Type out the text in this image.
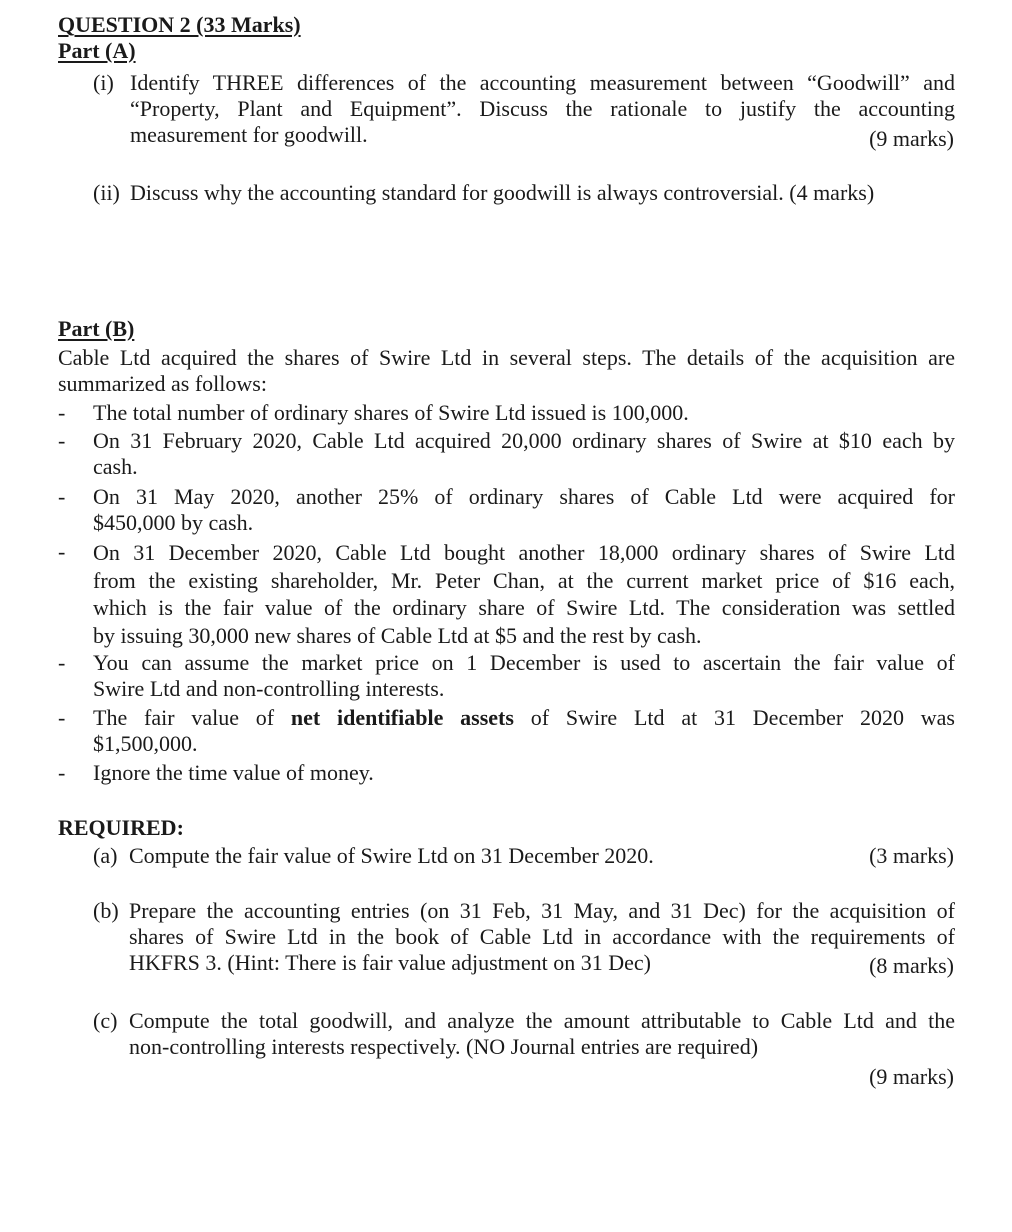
QUESTION 2 (33 Marks)
Part (A)
(i) Identify THREE differences of the accounting measurement between “Goodwill” and
“Property, Plant and Equipment”. Discuss the rationale to justify the accounting
measurement for goodwill.	(9 marks)
(ii) Discuss why the accounting standard for goodwill is always controversial. (4 marks)
Part (B)
Cable Ltd acquired the shares of Swire Ltd in several steps. The details of the acquisition are
summarized as follows:
- The total number of ordinary shares of Swire Ltd issued is 100,000.
- On 31 February 2020, Cable Ltd acquired 20,000 ordinary shares of Swire at $10 each by
cash.
- On 31 May 2020, another 25% of ordinary shares of Cable Ltd were acquired for
$450,000 by cash.
- On 31 December 2020, Cable Ltd bought another 18,000 ordinary shares of Swire Ltd
from the existing shareholder, Mr. Peter Chan, at the current market price of $16 each,
which is the fair value of the ordinary share of Swire Ltd. The consideration was settled
by issuing 30,000 new shares of Cable Ltd at $5 and the rest by cash.
- You can assume the market price on 1 December is used to ascertain the fair value of
Swire Ltd and non-controlling interests.
- The fair value of net identifiable assets of Swire Ltd at 31 December 2020 was
$1,500,000.
- Ignore the time value of money.
REQUIRED:
(a) Compute the fair value of Swire Ltd on 31 December 2020.	(3 marks)
(b) Prepare the accounting entries (on 31 Feb, 31 May, and 31 Dec) for the acquisition of
shares of Swire Ltd in the book of Cable Ltd in accordance with the requirements of
HKFRS 3. (Hint: There is fair value adjustment on 31 Dec)	(8 marks)
(c) Compute the total goodwill, and analyze the amount attributable to Cable Ltd and the
non-controlling interests respectively. (NO Journal entries are required)
(9 marks)
